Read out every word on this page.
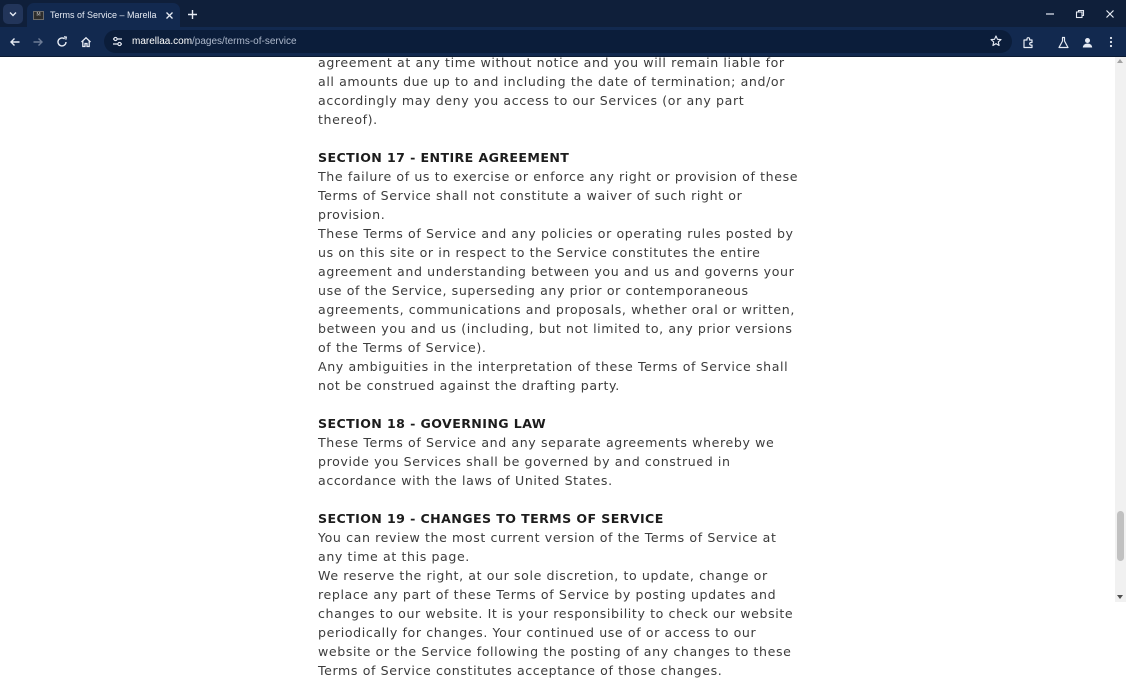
M	Terms of Service – Marella
marellaa.com/pages/terms-of-service

agreement at any time without notice and you will remain liable for all amounts due up to and including the date of termination; and/or accordingly may deny you access to our Services (or any part thereof).

SECTION 17 - ENTIRE AGREEMENT

The failure of us to exercise or enforce any right or provision of these Terms of Service shall not constitute a waiver of such right or provision.

These Terms of Service and any policies or operating rules posted by us on this site or in respect to the Service constitutes the entire agreement and understanding between you and us and governs your use of the Service, superseding any prior or contemporaneous agreements, communications and proposals, whether oral or written, between you and us (including, but not limited to, any prior versions of the Terms of Service).

Any ambiguities in the interpretation of these Terms of Service shall not be construed against the drafting party.

SECTION 18 - GOVERNING LAW

These Terms of Service and any separate agreements whereby we provide you Services shall be governed by and construed in accordance with the laws of United States.

SECTION 19 - CHANGES TO TERMS OF SERVICE

You can review the most current version of the Terms of Service at any time at this page.

We reserve the right, at our sole discretion, to update, change or replace any part of these Terms of Service by posting updates and changes to our website. It is your responsibility to check our website periodically for changes. Your continued use of or access to our website or the Service following the posting of any changes to these Terms of Service constitutes acceptance of those changes.
